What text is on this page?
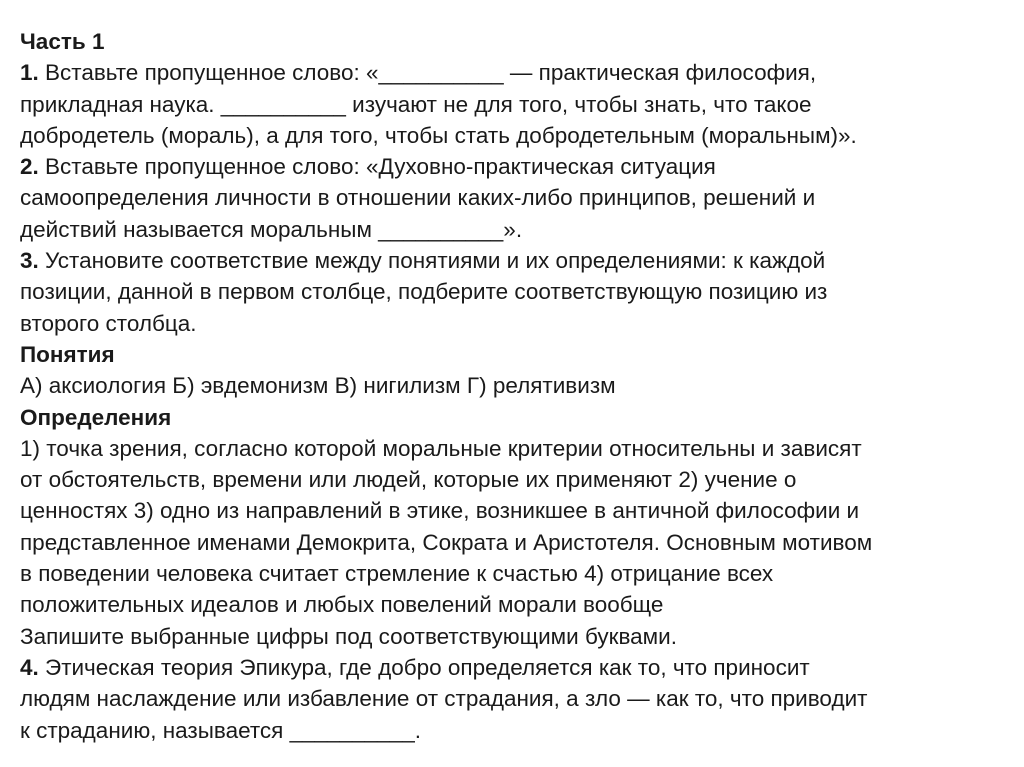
Часть 1
1. Вставьте пропущенное слово: «__________ — практическая философия,
прикладная наука. __________ изучают не для того, чтобы знать, что такое
добродетель (мораль), а для того, чтобы стать добродетельным (моральным)».
2. Вставьте пропущенное слово: «Духовно-практическая ситуация
самоопределения личности в отношении каких-либо принципов, решений и
действий называется моральным __________».
3. Установите соответствие между понятиями и их определениями: к каждой
позиции, данной в первом столбце, подберите соответствующую позицию из
второго столбца.
Понятия
А) аксиология Б) эвдемонизм В) нигилизм Г) релятивизм
Определения
1) точка зрения, согласно которой моральные критерии относительны и зависят
от обстоятельств, времени или людей, которые их применяют 2) учение о
ценностях 3) одно из направлений в этике, возникшее в античной философии и
представленное именами Демокрита, Сократа и Аристотеля. Основным мотивом
в поведении человека считает стремление к счастью 4) отрицание всех
положительных идеалов и любых повелений морали вообще
Запишите выбранные цифры под соответствующими буквами.
4. Этическая теория Эпикура, где добро определяется как то, что приносит
людям наслаждение или избавление от страдания, а зло — как то, что приводит
к страданию, называется __________.
